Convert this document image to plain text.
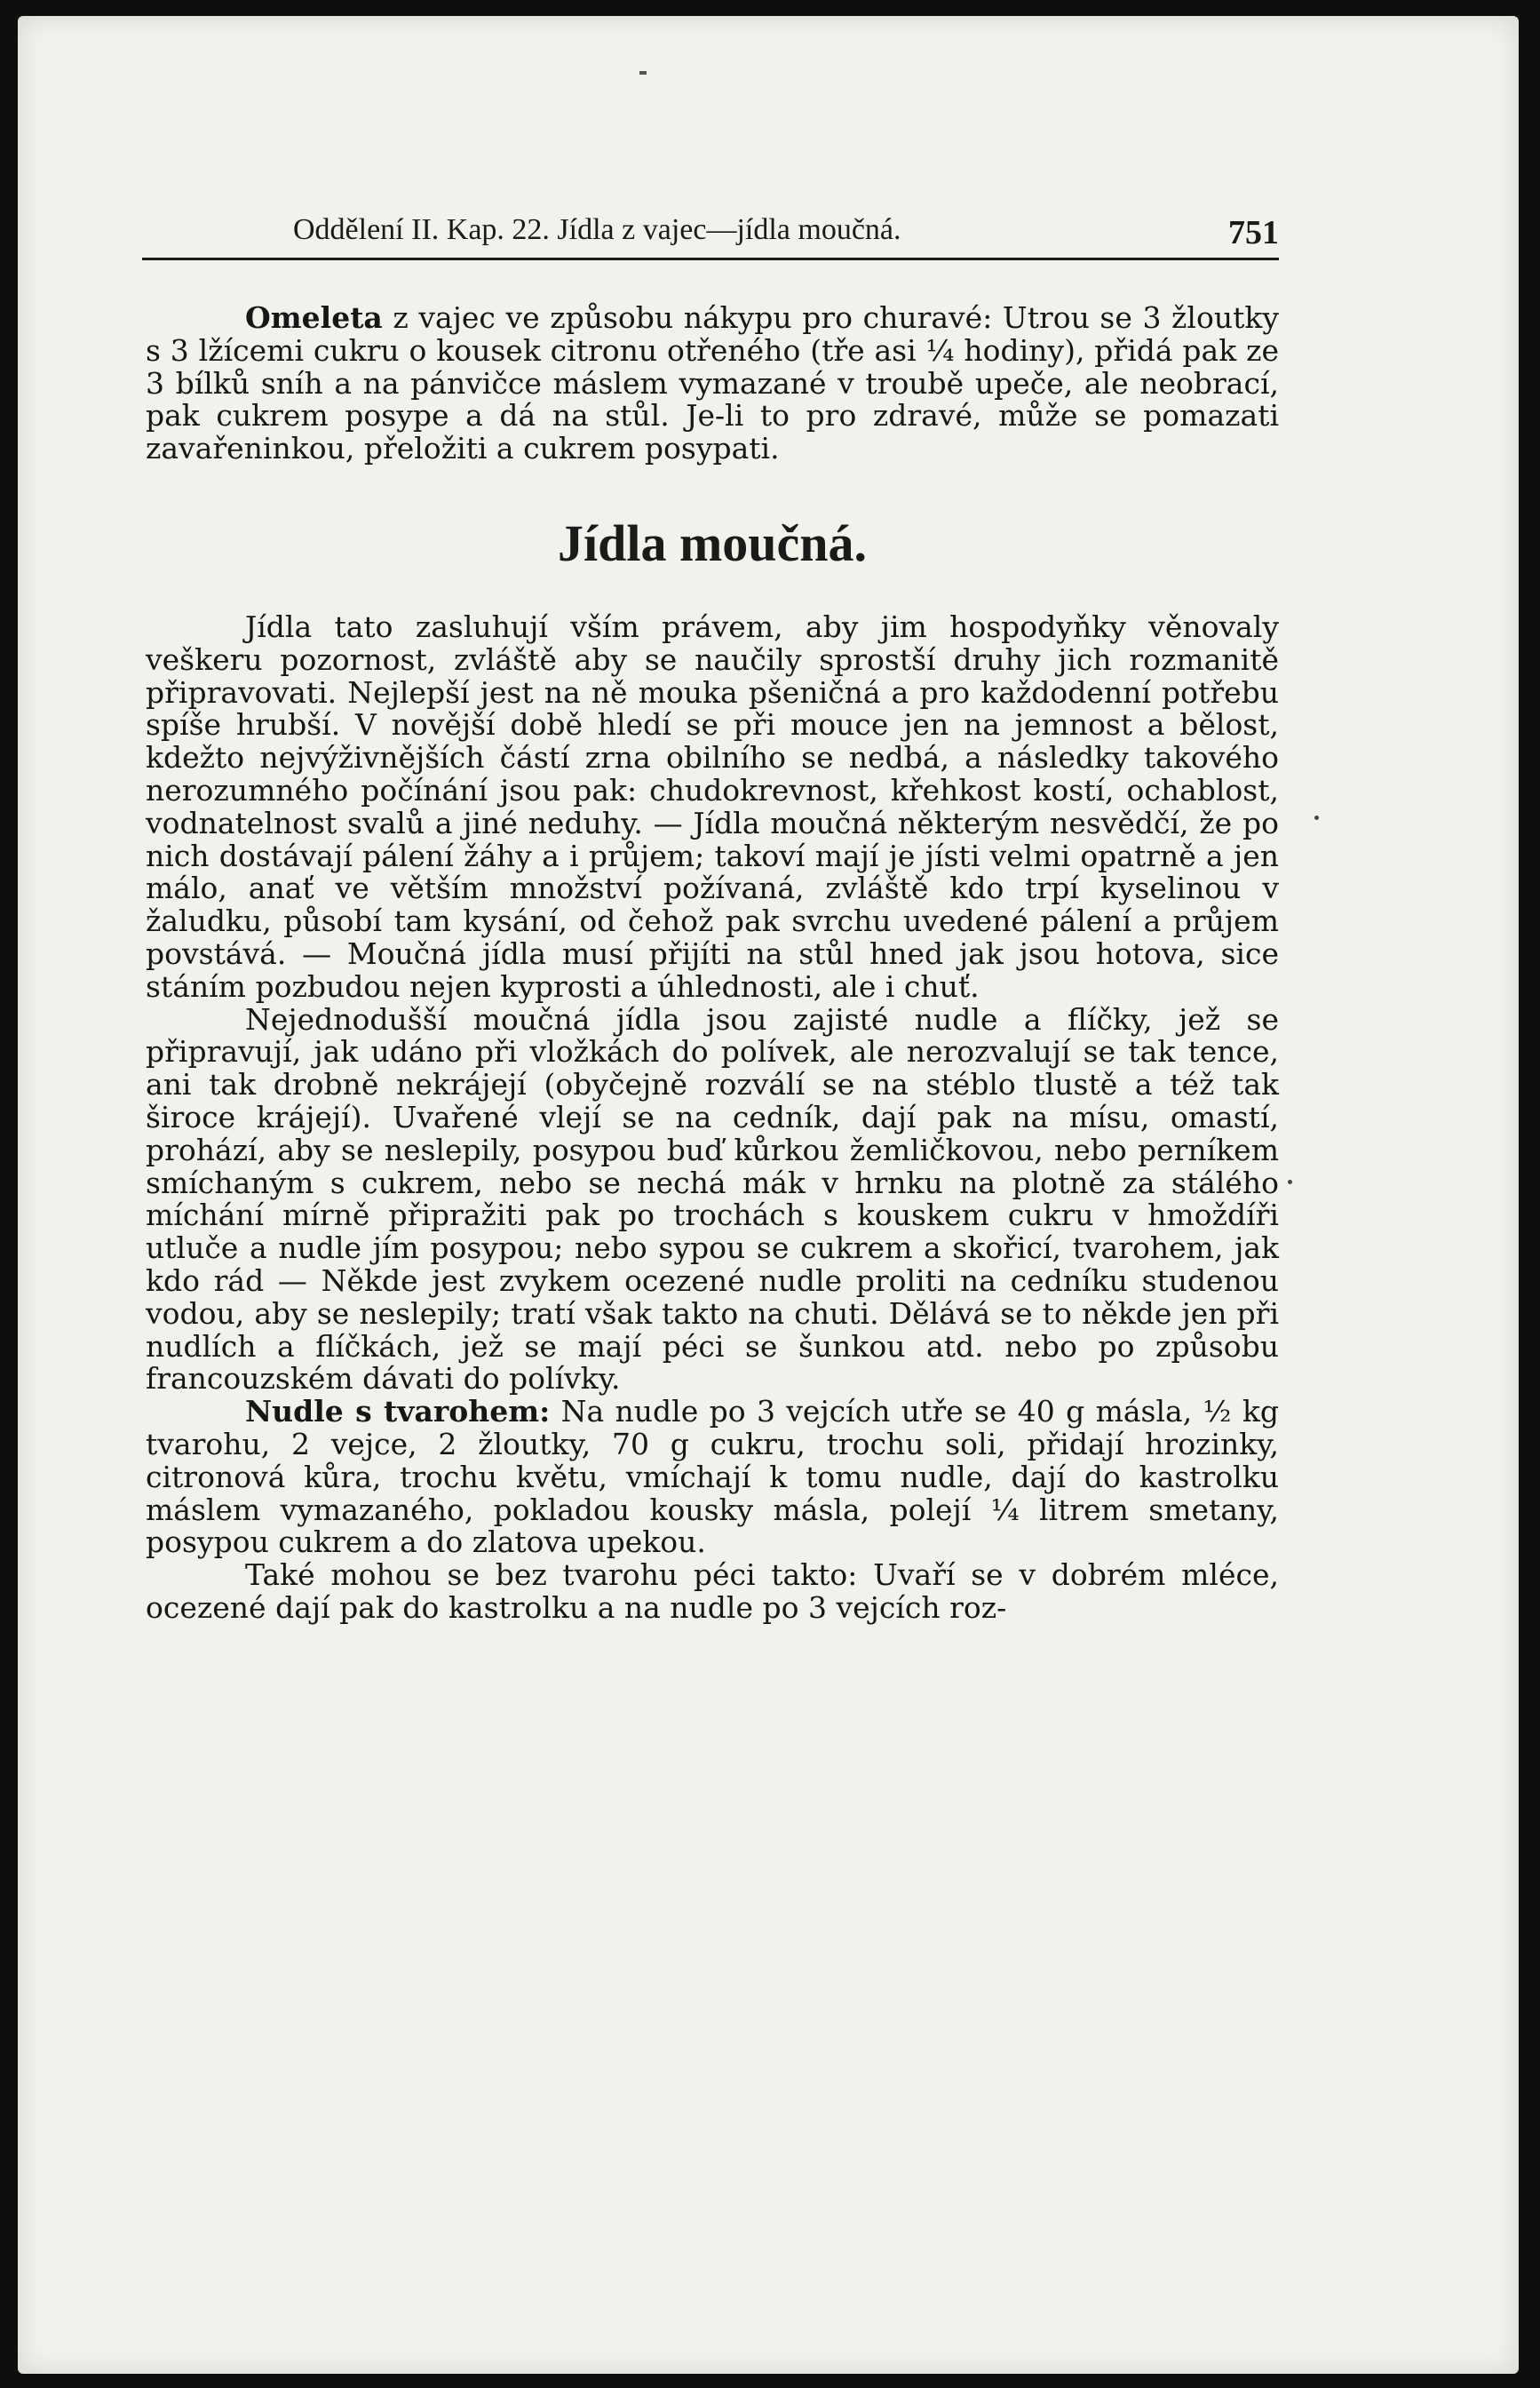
Oddělení II. Kap. 22. Jídla z vajec—jídla moučná.	751

Omeleta z vajec ve způsobu nákypu pro churavé: Utrou se 3 žloutky s 3 lžícemi cukru o kousek citronu otřeného (tře asi ¼ hodiny), přidá pak ze 3 bílků sníh a na pánvičce máslem vymazané v troubě upeče, ale neobrací, pak cukrem posype a dá na stůl. Je-li to pro zdravé, může se pomazati zavařeninkou, přeložiti a cukrem posypati.

Jídla moučná.

Jídla tato zasluhují vším právem, aby jim hospodyňky věnovaly veškeru pozornost, zvláště aby se naučily sprostší druhy jich rozmanitě připravovati. Nejlepší jest na ně mouka pšeničná a pro každodenní potřebu spíše hrubší. V novější době hledí se při mouce jen na jemnost a bělost, kdežto nejvýživnějších částí zrna obilního se nedbá, a následky takového nerozumného počínání jsou pak: chudokrevnost, křehkost kostí, ochablost, vodnatelnost svalů a jiné neduhy. — Jídla moučná některým nesvědčí, že po nich dostávají pálení žáhy a i průjem; takoví mají je jísti velmi opatrně a jen málo, anať ve větším množství požívaná, zvláště kdo trpí kyselinou v žaludku, působí tam kysání, od čehož pak svrchu uvedené pálení a průjem povstává. — Moučná jídla musí přijíti na stůl hned jak jsou hotova, sice stáním pozbudou nejen kyprosti a úhlednosti, ale i chuť.

Nejednodušší moučná jídla jsou zajisté nudle a flíčky, jež se připravují, jak udáno při vložkách do polívek, ale nerozvalují se tak tence, ani tak drobně nekrájejí (obyčejně rozválí se na stéblo tlustě a též tak široce krájejí). Uvařené vlejí se na cedník, dají pak na mísu, omastí, prohází, aby se neslepily, posypou buď kůrkou žemličkovou, nebo perníkem smíchaným s cukrem, nebo se nechá mák v hrnku na plotně za stálého míchání mírně připražiti pak po trochách s kouskem cukru v hmoždíři utluče a nudle jím posypou; nebo sypou se cukrem a skořicí, tvarohem, jak kdo rád — Někde jest zvykem ocezené nudle proliti na cedníku studenou vodou, aby se neslepily; tratí však takto na chuti. Dělává se to někde jen při nudlích a flíčkách, jež se mají péci se šunkou atd. nebo po způsobu francouzském dávati do polívky.

Nudle s tvarohem: Na nudle po 3 vejcích utře se 40 g másla, ½ kg tvarohu, 2 vejce, 2 žloutky, 70 g cukru, trochu soli, přidají hrozinky, citronová kůra, trochu květu, vmíchají k tomu nudle, dají do kastrolku máslem vymazaného, pokladou kousky másla, polejí ¼ litrem smetany, posypou cukrem a do zlatova upekou.

Také mohou se bez tvarohu péci takto: Uvaří se v dobrém mléce, ocezené dají pak do kastrolku a na nudle po 3 vejcích roz-
